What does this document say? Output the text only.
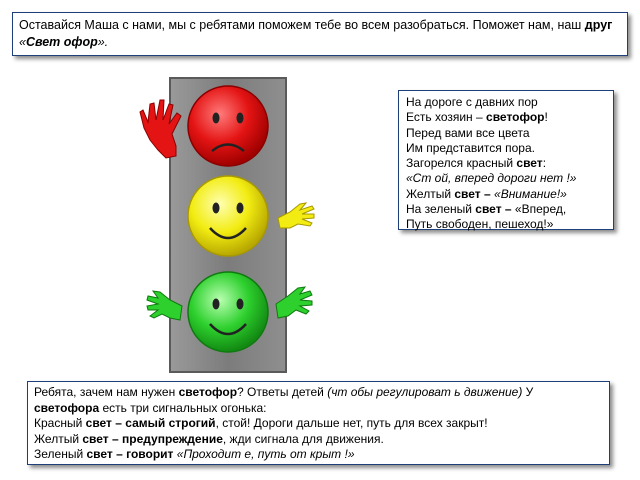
Оставайся Маша с нами, мы с ребятами поможем тебе во всем разобраться. Поможет нам, наш друг
«Свет офор».
На дороге с давних пор
Есть хозяин – светофор!
Перед вами все цвета
Им представится пора.
Загорелся красный свет:
«Ст ой, вперед дороги нет !»
Желтый свет – «Внимание!»
На зеленый свет – «Вперед,
Путь свободен, пешеход!»
Ребята, зачем нам нужен светофор? Ответы детей (чт обы регулироват ь движение) У
светофора есть три сигнальных огонька:
Красный свет – самый строгий, стой! Дороги дальше нет, путь для всех закрыт!
Желтый свет – предупреждение, жди сигнала для движения.
Зеленый свет – говорит «Проходит е, путь от крыт !»
